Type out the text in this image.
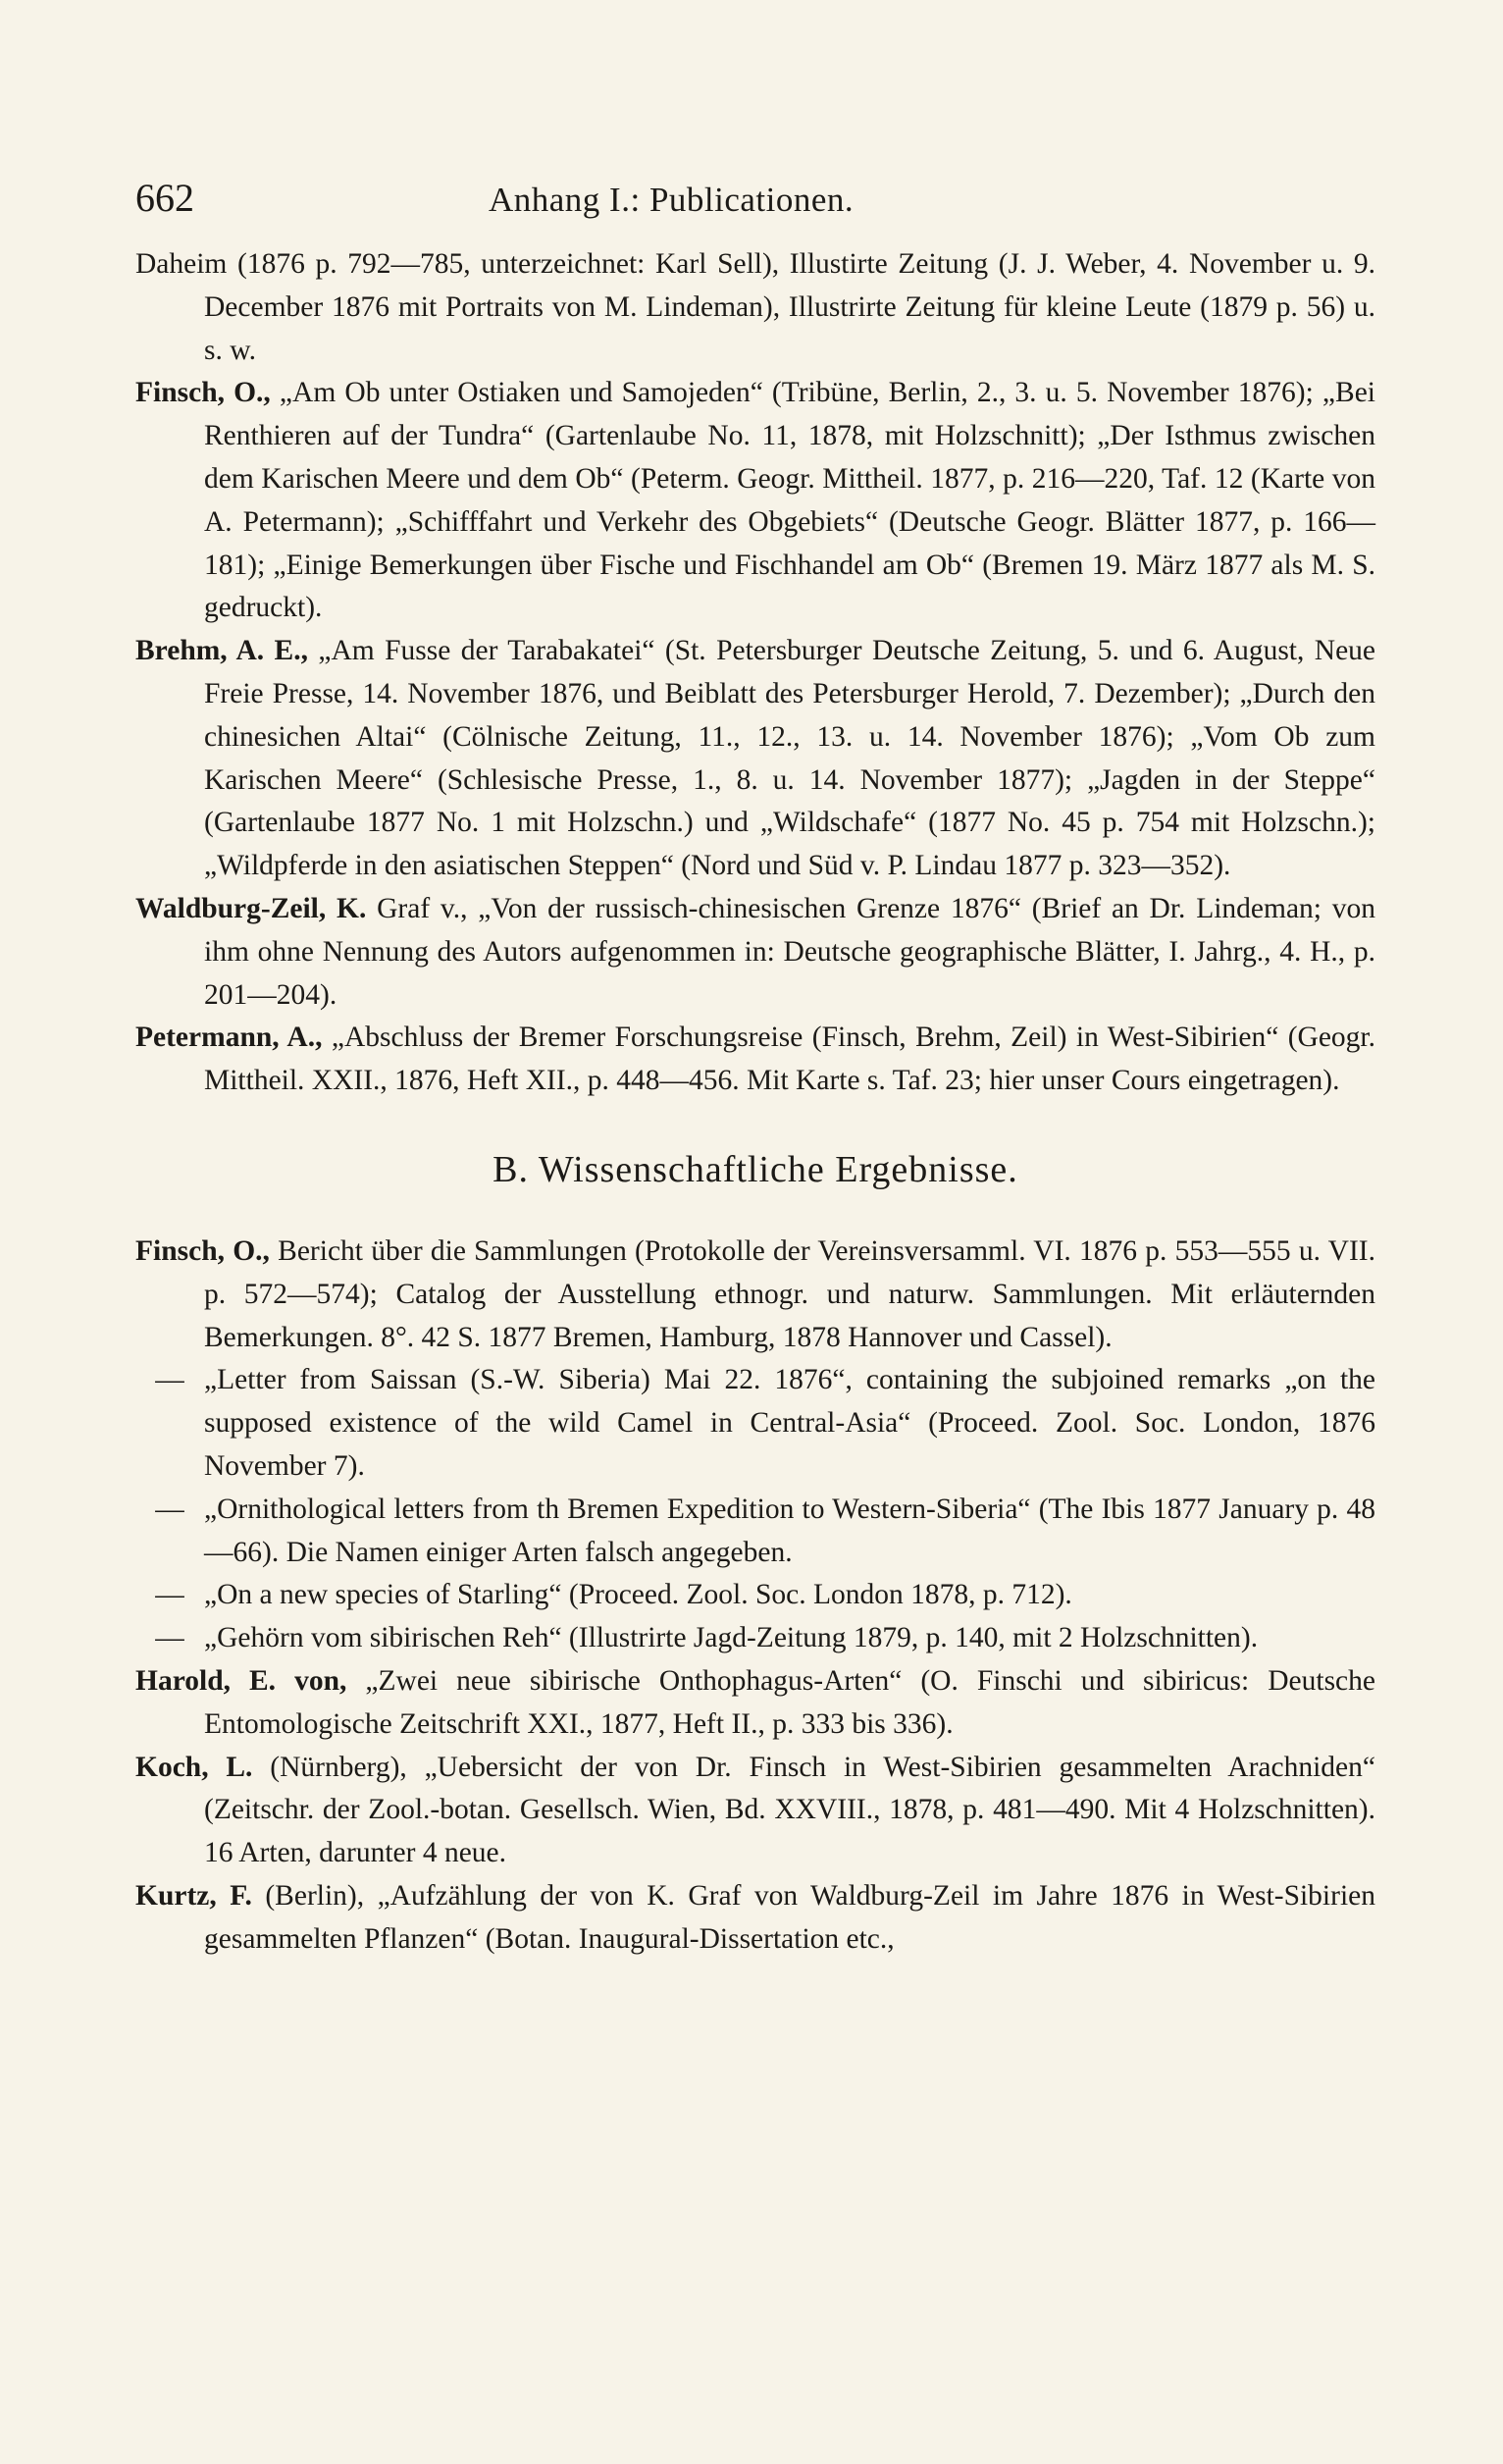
662	Anhang I.: Publicationen.

Daheim (1876 p. 792—785, unterzeichnet: Karl Sell), Illustirte Zeitung (J. J. Weber, 4. November u. 9. December 1876 mit Portraits von M. Lindeman), Illustrirte Zeitung für kleine Leute (1879 p. 56) u. s. w.

Finsch, O., „Am Ob unter Ostiaken und Samojeden“ (Tribüne, Berlin, 2., 3. u. 5. November 1876); „Bei Renthieren auf der Tundra“ (Gartenlaube No. 11, 1878, mit Holzschnitt); „Der Isthmus zwischen dem Karischen Meere und dem Ob“ (Peterm. Geogr. Mittheil. 1877, p. 216—220, Taf. 12 (Karte von A. Petermann); „Schifffahrt und Verkehr des Obgebiets“ (Deutsche Geogr. Blätter 1877, p. 166—181); „Einige Bemerkungen über Fische und Fischhandel am Ob“ (Bremen 19. März 1877 als M. S. gedruckt).

Brehm, A. E., „Am Fusse der Tarabakatei“ (St. Petersburger Deutsche Zeitung, 5. und 6. August, Neue Freie Presse, 14. November 1876, und Beiblatt des Petersburger Herold, 7. Dezember); „Durch den chinesichen Altai“ (Cölnische Zeitung, 11., 12., 13. u. 14. November 1876); „Vom Ob zum Karischen Meere“ (Schlesische Presse, 1., 8. u. 14. November 1877); „Jagden in der Steppe“ (Gartenlaube 1877 No. 1 mit Holzschn.) und „Wildschafe“ (1877 No. 45 p. 754 mit Holzschn.); „Wildpferde in den asiatischen Steppen“ (Nord und Süd v. P. Lindau 1877 p. 323—352).

Waldburg-Zeil, K. Graf v., „Von der russisch-chinesischen Grenze 1876“ (Brief an Dr. Lindeman; von ihm ohne Nennung des Autors aufgenommen in: Deutsche geographische Blätter, I. Jahrg., 4. H., p. 201—204).

Petermann, A., „Abschluss der Bremer Forschungsreise (Finsch, Brehm, Zeil) in West-Sibirien“ (Geogr. Mittheil. XXII., 1876, Heft XII., p. 448—456. Mit Karte s. Taf. 23; hier unser Cours eingetragen).

B. Wissenschaftliche Ergebnisse.

Finsch, O., Bericht über die Sammlungen (Protokolle der Vereinsversamml. VI. 1876 p. 553—555 u. VII. p. 572—574); Catalog der Ausstellung ethnogr. und naturw. Sammlungen. Mit erläuternden Bemerkungen. 8°. 42 S. 1877 Bremen, Hamburg, 1878 Hannover und Cassel).

— „Letter from Saissan (S.-W. Siberia) Mai 22. 1876“, containing the subjoined remarks „on the supposed existence of the wild Camel in Central-Asia“ (Proceed. Zool. Soc. London, 1876 November 7).

— „Ornithological letters from th Bremen Expedition to Western-Siberia“ (The Ibis 1877 January p. 48—66). Die Namen einiger Arten falsch angegeben.

— „On a new species of Starling“ (Proceed. Zool. Soc. London 1878, p. 712).

— „Gehörn vom sibirischen Reh“ (Illustrirte Jagd-Zeitung 1879, p. 140, mit 2 Holzschnitten).

Harold, E. von, „Zwei neue sibirische Onthophagus-Arten“ (O. Finschi und sibiricus: Deutsche Entomologische Zeitschrift XXI., 1877, Heft II., p. 333 bis 336).

Koch, L. (Nürnberg), „Uebersicht der von Dr. Finsch in West-Sibirien gesammelten Arachniden“ (Zeitschr. der Zool.-botan. Gesellsch. Wien, Bd. XXVIII., 1878, p. 481—490. Mit 4 Holzschnitten). 16 Arten, darunter 4 neue.

Kurtz, F. (Berlin), „Aufzählung der von K. Graf von Waldburg-Zeil im Jahre 1876 in West-Sibirien gesammelten Pflanzen“ (Botan. Inaugural-Dissertation etc.,
